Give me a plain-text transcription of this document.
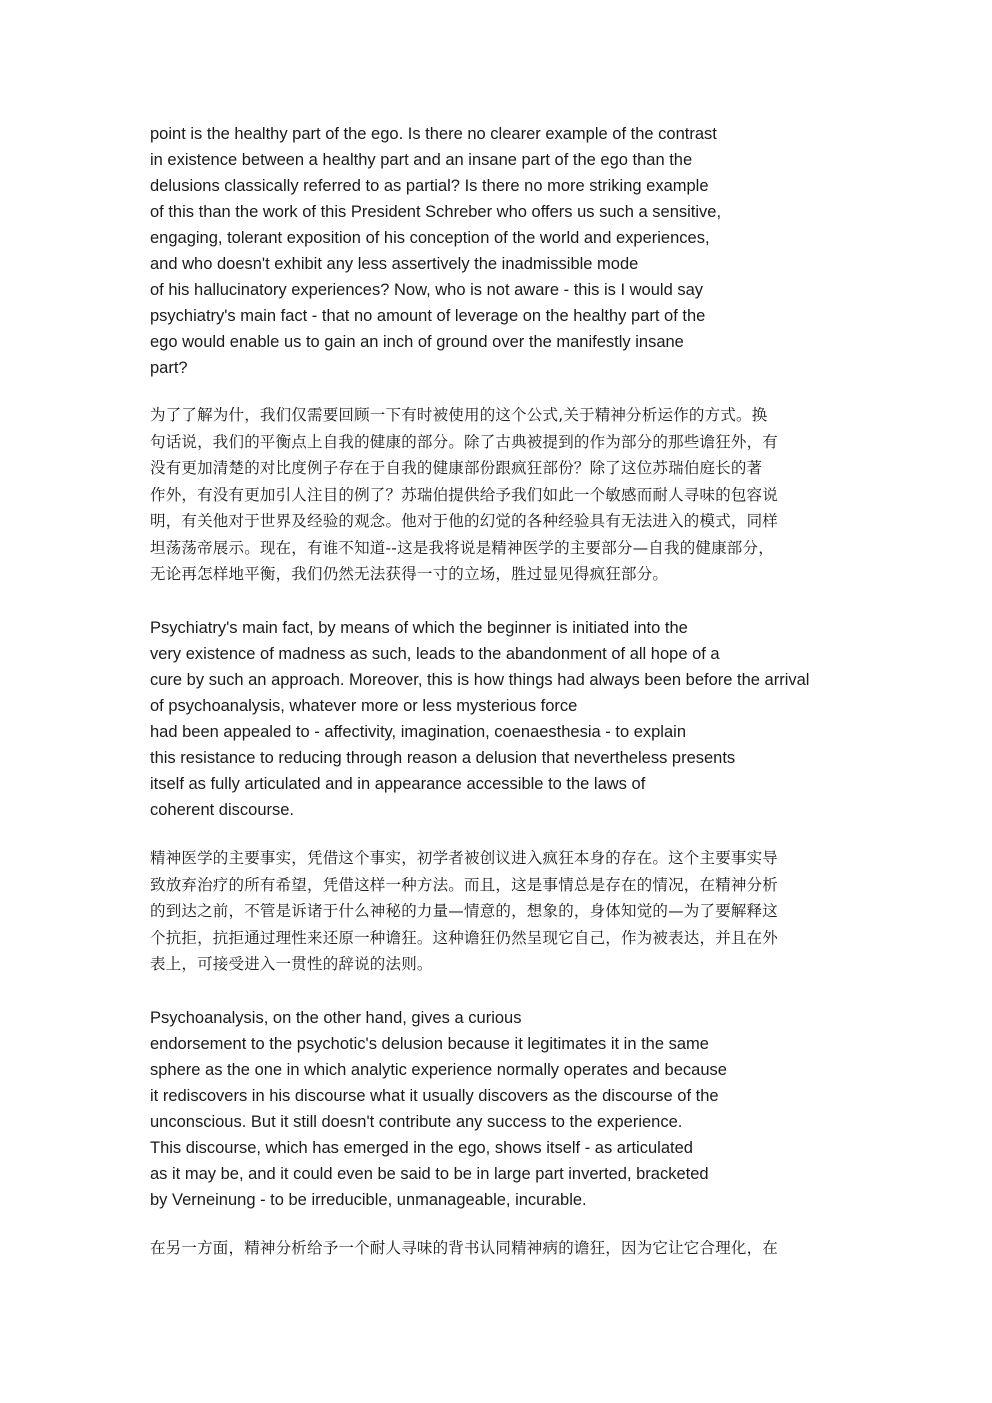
point is the healthy part of the ego. Is there no clearer example of the contrast
in existence between a healthy part and an insane part of the ego than the
delusions classically referred to as partial? Is there no more striking example
of this than the work of this President Schreber who offers us such a sensitive,
engaging, tolerant exposition of his conception of the world and experiences,
and who doesn't exhibit any less assertively the inadmissible mode
of his hallucinatory experiences? Now, who is not aware - this is I would say
psychiatry's main fact - that no amount of leverage on the healthy part of the
ego would enable us to gain an inch of ground over the manifestly insane
part?
为了了解为什，我们仅需要回顾一下有时被使用的这个公式,关于精神分析运作的方式。换
句话说，我们的平衡点上自我的健康的部分。除了古典被提到的作为部分的那些谵狂外，有
没有更加清楚的对比度例子存在于自我的健康部份跟疯狂部份？除了这位苏瑞伯庭长的著
作外，有没有更加引人注目的例了？苏瑞伯提供给予我们如此一个敏感而耐人寻味的包容说
明，有关他对于世界及经验的观念。他对于他的幻觉的各种经验具有无法进入的模式，同样
坦荡荡帝展示。现在，有谁不知道--这是我将说是精神医学的主要部分—自我的健康部分，
无论再怎样地平衡，我们仍然无法获得一寸的立场，胜过显见得疯狂部分。
Psychiatry's main fact, by means of which the beginner is initiated into the
very existence of madness as such, leads to the abandonment of all hope of a
cure by such an approach. Moreover, this is how things had always been before the arrival
of psychoanalysis, whatever more or less mysterious force
had been appealed to - affectivity, imagination, coenaesthesia - to explain
this resistance to reducing through reason a delusion that nevertheless presents
itself as fully articulated and in appearance accessible to the laws of
coherent discourse.
精神医学的主要事实，凭借这个事实，初学者被创议进入疯狂本身的存在。这个主要事实导
致放弃治疗的所有希望，凭借这样一种方法。而且，这是事情总是存在的情况，在精神分析
的到达之前，不管是诉诸于什么神秘的力量—情意的，想象的，身体知觉的—为了要解释这
个抗拒，抗拒通过理性来还原一种谵狂。这种谵狂仍然呈现它自己，作为被表达，并且在外
表上，可接受进入一贯性的辞说的法则。
Psychoanalysis, on the other hand, gives a curious
endorsement to the psychotic's delusion because it legitimates it in the same
sphere as the one in which analytic experience normally operates and because
it rediscovers in his discourse what it usually discovers as the discourse of the
unconscious. But it still doesn't contribute any success to the experience.
This discourse, which has emerged in the ego, shows itself - as articulated
as it may be, and it could even be said to be in large part inverted, bracketed
by Verneinung - to be irreducible, unmanageable, incurable.
在另一方面，精神分析给予一个耐人寻味的背书认同精神病的谵狂，因为它让它合理化，在
